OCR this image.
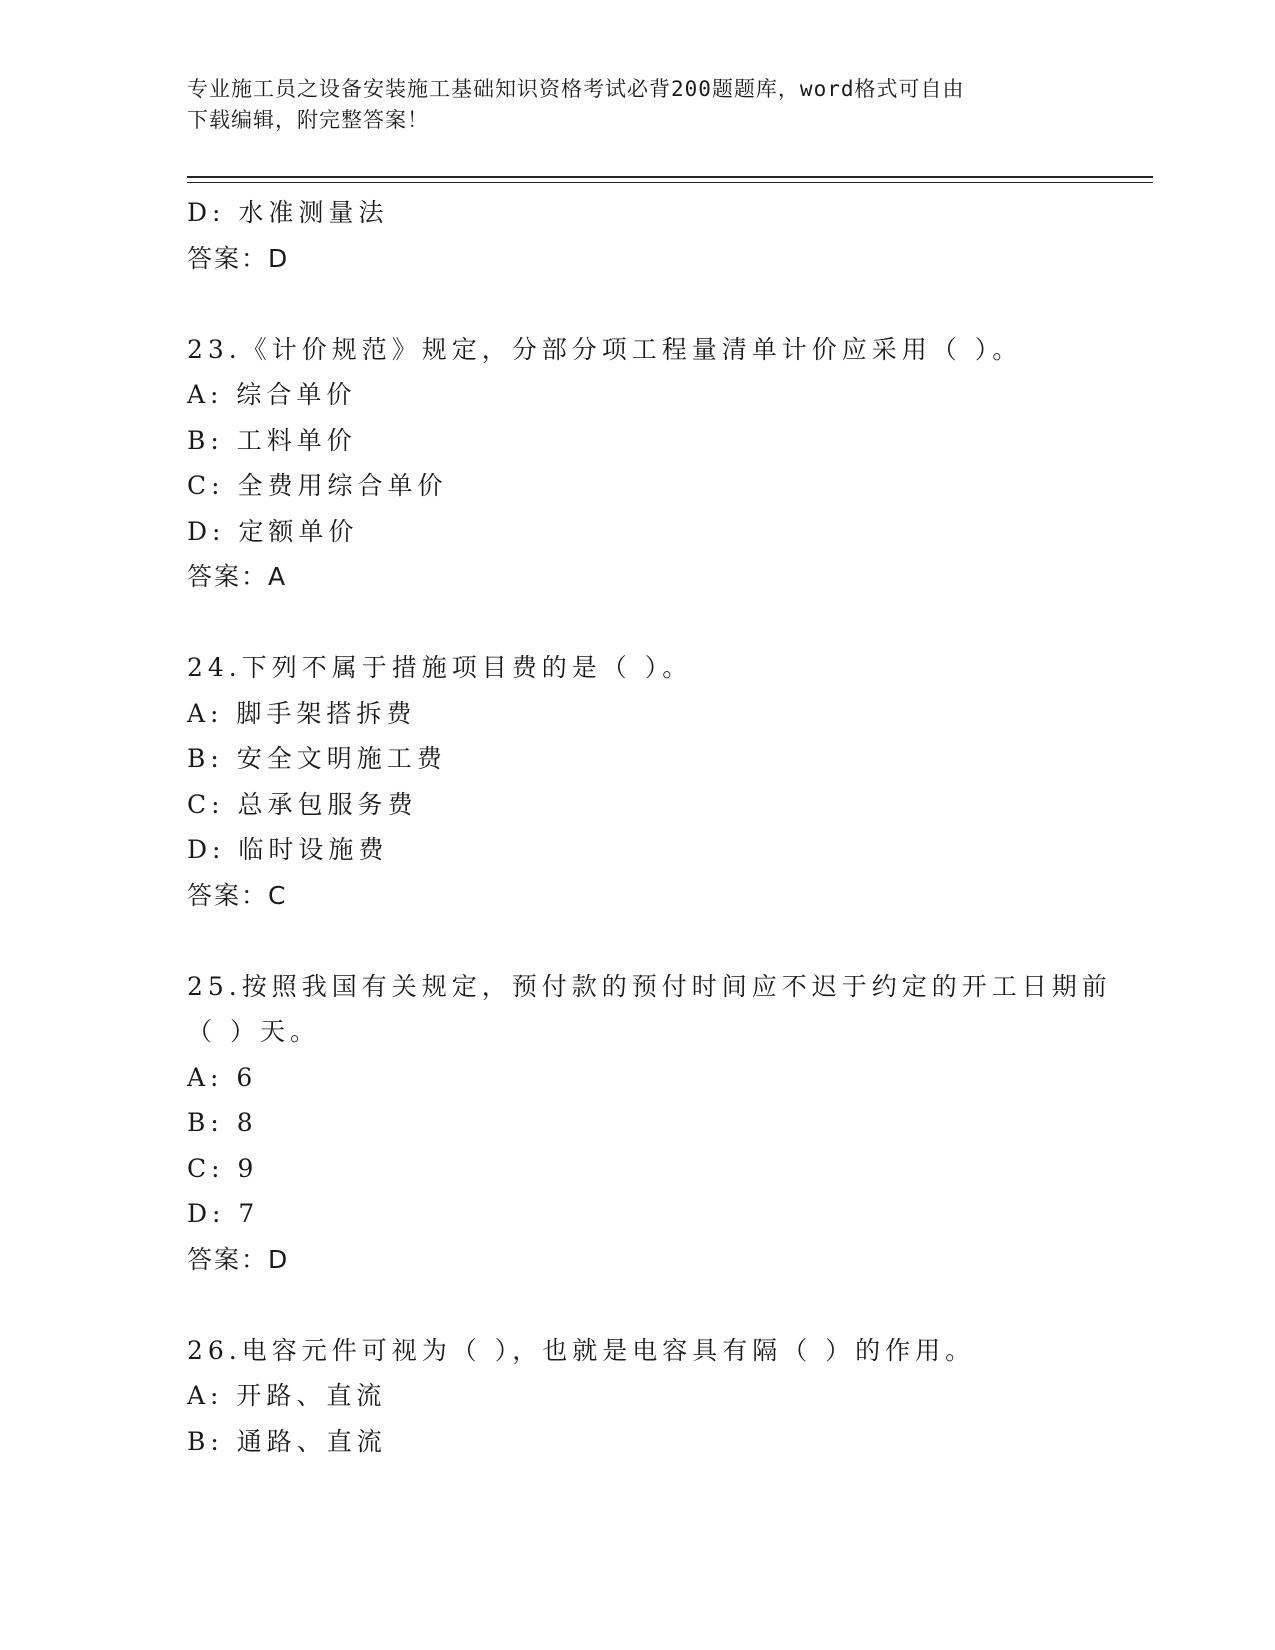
专业施工员之设备安装施工基础知识资格考试必背200题题库，word格式可自由
下载编辑，附完整答案！
D: 水准测量法
答案：D
23.《计价规范》规定，分部分项工程量清单计价应采用（ ）。
A: 综合单价
B: 工料单价
C: 全费用综合单价
D: 定额单价
答案：A
24.下列不属于措施项目费的是（ ）。
A: 脚手架搭拆费
B: 安全文明施工费
C: 总承包服务费
D: 临时设施费
答案：C
25.按照我国有关规定，预付款的预付时间应不迟于约定的开工日期前
（ ）天。
A: 6
B: 8
C: 9
D: 7
答案：D
26.电容元件可视为（ ），也就是电容具有隔（ ）的作用。
A: 开路、直流
B: 通路、直流
